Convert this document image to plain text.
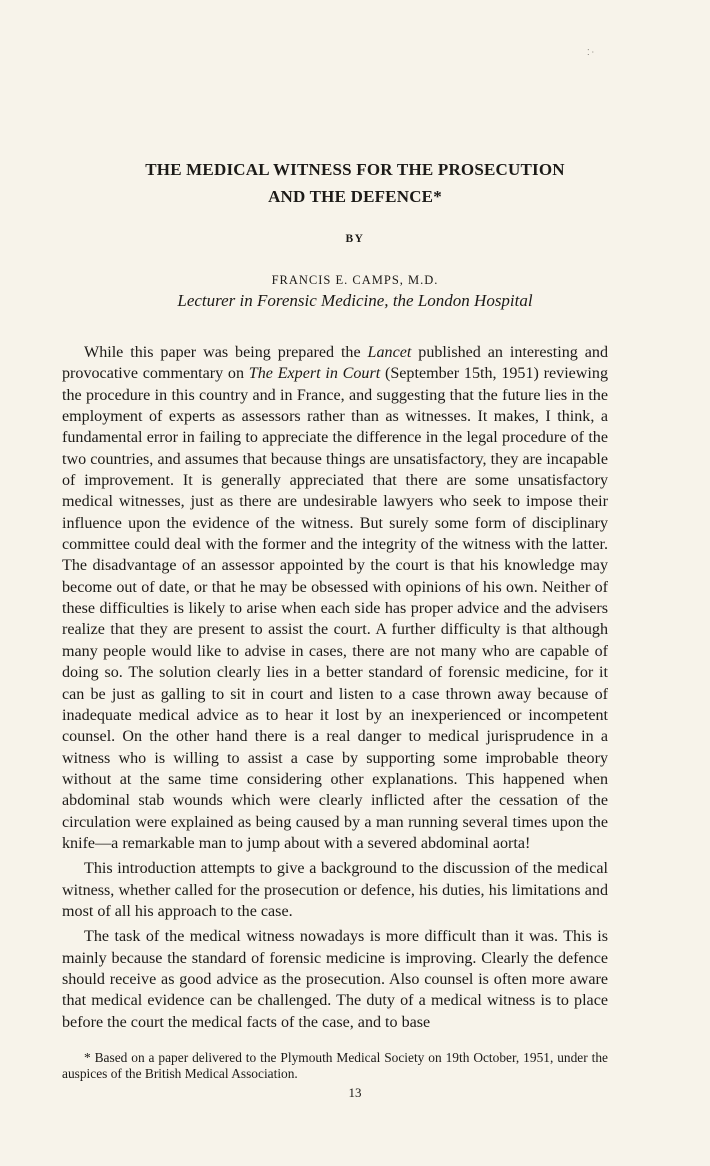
⁚ ·
THE MEDICAL WITNESS FOR THE PROSECUTION
AND THE DEFENCE*
BY
FRANCIS E. CAMPS, M.D.
Lecturer in Forensic Medicine, the London Hospital

While this paper was being prepared the Lancet published an interesting and provocative commentary on The Expert in Court (September 15th, 1951) reviewing the procedure in this country and in France, and suggesting that the future lies in the employment of experts as assessors rather than as witnesses. It makes, I think, a fundamental error in failing to appreciate the difference in the legal procedure of the two countries, and assumes that because things are unsatisfactory, they are incapable of improvement. It is generally appreciated that there are some unsatisfactory medical witnesses, just as there are undesirable lawyers who seek to impose their influence upon the evidence of the witness. But surely some form of disciplinary committee could deal with the former and the integrity of the witness with the latter. The disadvantage of an assessor appointed by the court is that his knowledge may become out of date, or that he may be obsessed with opinions of his own. Neither of these difficulties is likely to arise when each side has proper advice and the advisers realize that they are present to assist the court. A further difficulty is that although many people would like to advise in cases, there are not many who are capable of doing so. The solution clearly lies in a better standard of forensic medicine, for it can be just as galling to sit in court and listen to a case thrown away because of inadequate medical advice as to hear it lost by an inexperienced or incompetent counsel. On the other hand there is a real danger to medical jurisprudence in a witness who is willing to assist a case by supporting some improbable theory without at the same time considering other explanations. This happened when abdominal stab wounds which were clearly inflicted after the cessation of the circulation were explained as being caused by a man running several times upon the knife—a remarkable man to jump about with a severed abdominal aorta!

This introduction attempts to give a background to the discussion of the medical witness, whether called for the prosecution or defence, his duties, his limitations and most of all his approach to the case.

The task of the medical witness nowadays is more difficult than it was. This is mainly because the standard of forensic medicine is improving. Clearly the defence should receive as good advice as the prosecution. Also counsel is often more aware that medical evidence can be challenged. The duty of a medical witness is to place before the court the medical facts of the case, and to base

* Based on a paper delivered to the Plymouth Medical Society on 19th October, 1951, under the auspices of the British Medical Association.

13
